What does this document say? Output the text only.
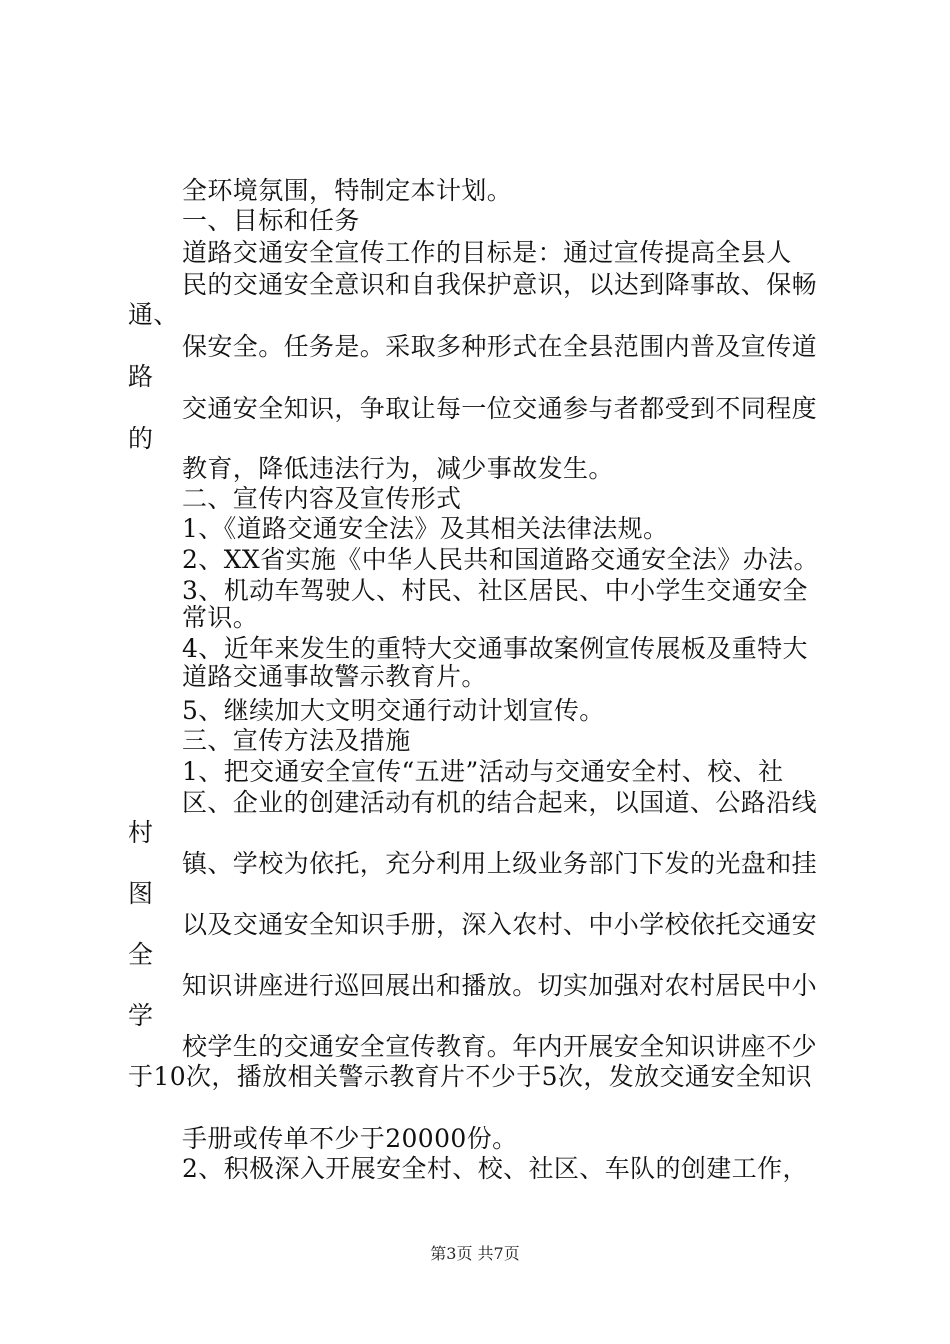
全环境氛围，特制定本计划。
一、目标和任务
道路交通安全宣传工作的目标是：通过宣传提高全县人
民的交通安全意识和自我保护意识，以达到降事故、保畅
通、
保安全。任务是。采取多种形式在全县范围内普及宣传道
路
交通安全知识，争取让每一位交通参与者都受到不同程度
的
教育，降低违法行为，减少事故发生。
二、宣传内容及宣传形式
1、《道路交通安全法》及其相关法律法规。
2、XX省实施《中华人民共和国道路交通安全法》办法。
3、机动车驾驶人、村民、社区居民、中小学生交通安全
常识。
4、近年来发生的重特大交通事故案例宣传展板及重特大
道路交通事故警示教育片。
5、继续加大文明交通行动计划宣传。
三、宣传方法及措施
1、把交通安全宣传“五进”活动与交通安全村、校、社
区、企业的创建活动有机的结合起来，以国道、公路沿线
村
镇、学校为依托，充分利用上级业务部门下发的光盘和挂
图
以及交通安全知识手册，深入农村、中小学校依托交通安
全
知识讲座进行巡回展出和播放。切实加强对农村居民中小
学
校学生的交通安全宣传教育。年内开展安全知识讲座不少
于10次，播放相关警示教育片不少于5次，发放交通安全知识
手册或传单不少于20000份。
2、积极深入开展安全村、校、社区、车队的创建工作，
第3页 共7页
